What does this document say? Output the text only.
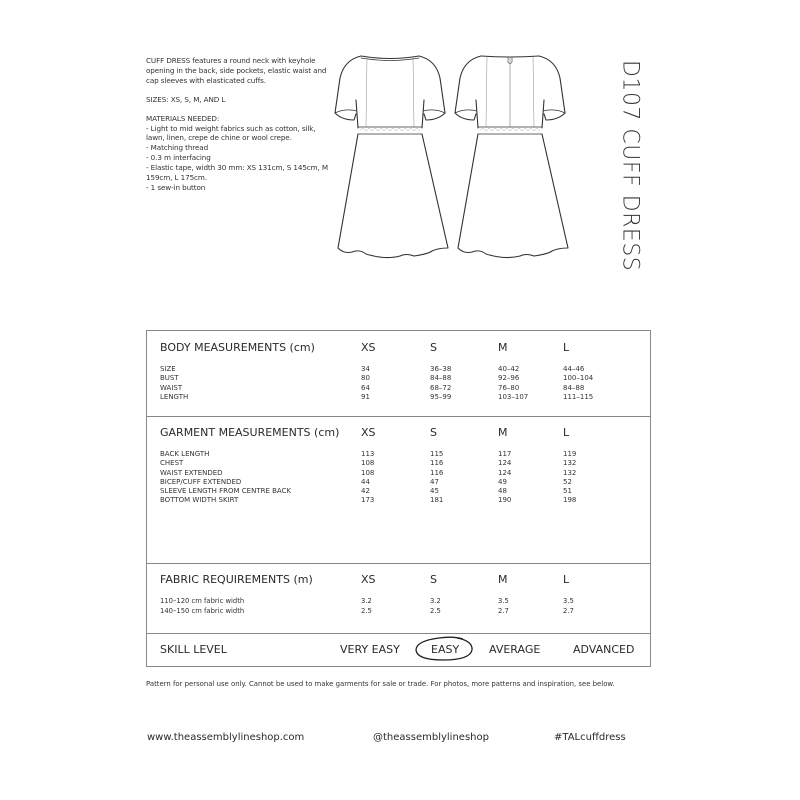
CUFF DRESS features a round neck with keyhole opening in the back, side pockets, elastic waist and cap sleeves with elasticated cuffs.

SIZES: XS, S, M, AND L

MATERIALS NEEDED:
- Light to mid weight fabrics such as cotton, silk, lawn, linen, crepe de chine or wool crepe.
- Matching thread
- 0.3 m interfacing
- Elastic tape, width 30 mm: XS 131cm, S 145cm, M 159cm, L 175cm.
- 1 sew-in button	D107 CUFF DRESS
BODY MEASUREMENTS (cm)	XS	S	M	L
SIZE	34	36–38	40–42	44–46
BUST	80	84–88	92–96	100–104
WAIST	64	68–72	76–80	84–88
LENGTH	91	95–99	103–107	111–115
GARMENT MEASUREMENTS (cm) XS	S	M	L
BACK LENGTH	113	115	117	119
CHEST	108	116	124	132
WAIST EXTENDED	108	116	124	132
BICEP/CUFF EXTENDED	44	47	49	52
SLEEVE LENGTH FROM CENTRE BACK	42	45	48	51
BOTTOM WIDTH SKIRT	173	181	190	198
FABRIC REQUIREMENTS (m)	XS	S	M	L
110–120 cm fabric width	3.2	3.2	3.5	3.5
140–150 cm fabric width	2.5	2.5	2.7	2.7
SKILL LEVEL	VERY EASY	EASY	AVERAGE	ADVANCED
Pattern for personal use only. Cannot be used to make garments for sale or trade. For photos, more patterns and inspiration, see below.
www.theassemblylineshop.com	@theassemblylineshop	#TALcuffdress
